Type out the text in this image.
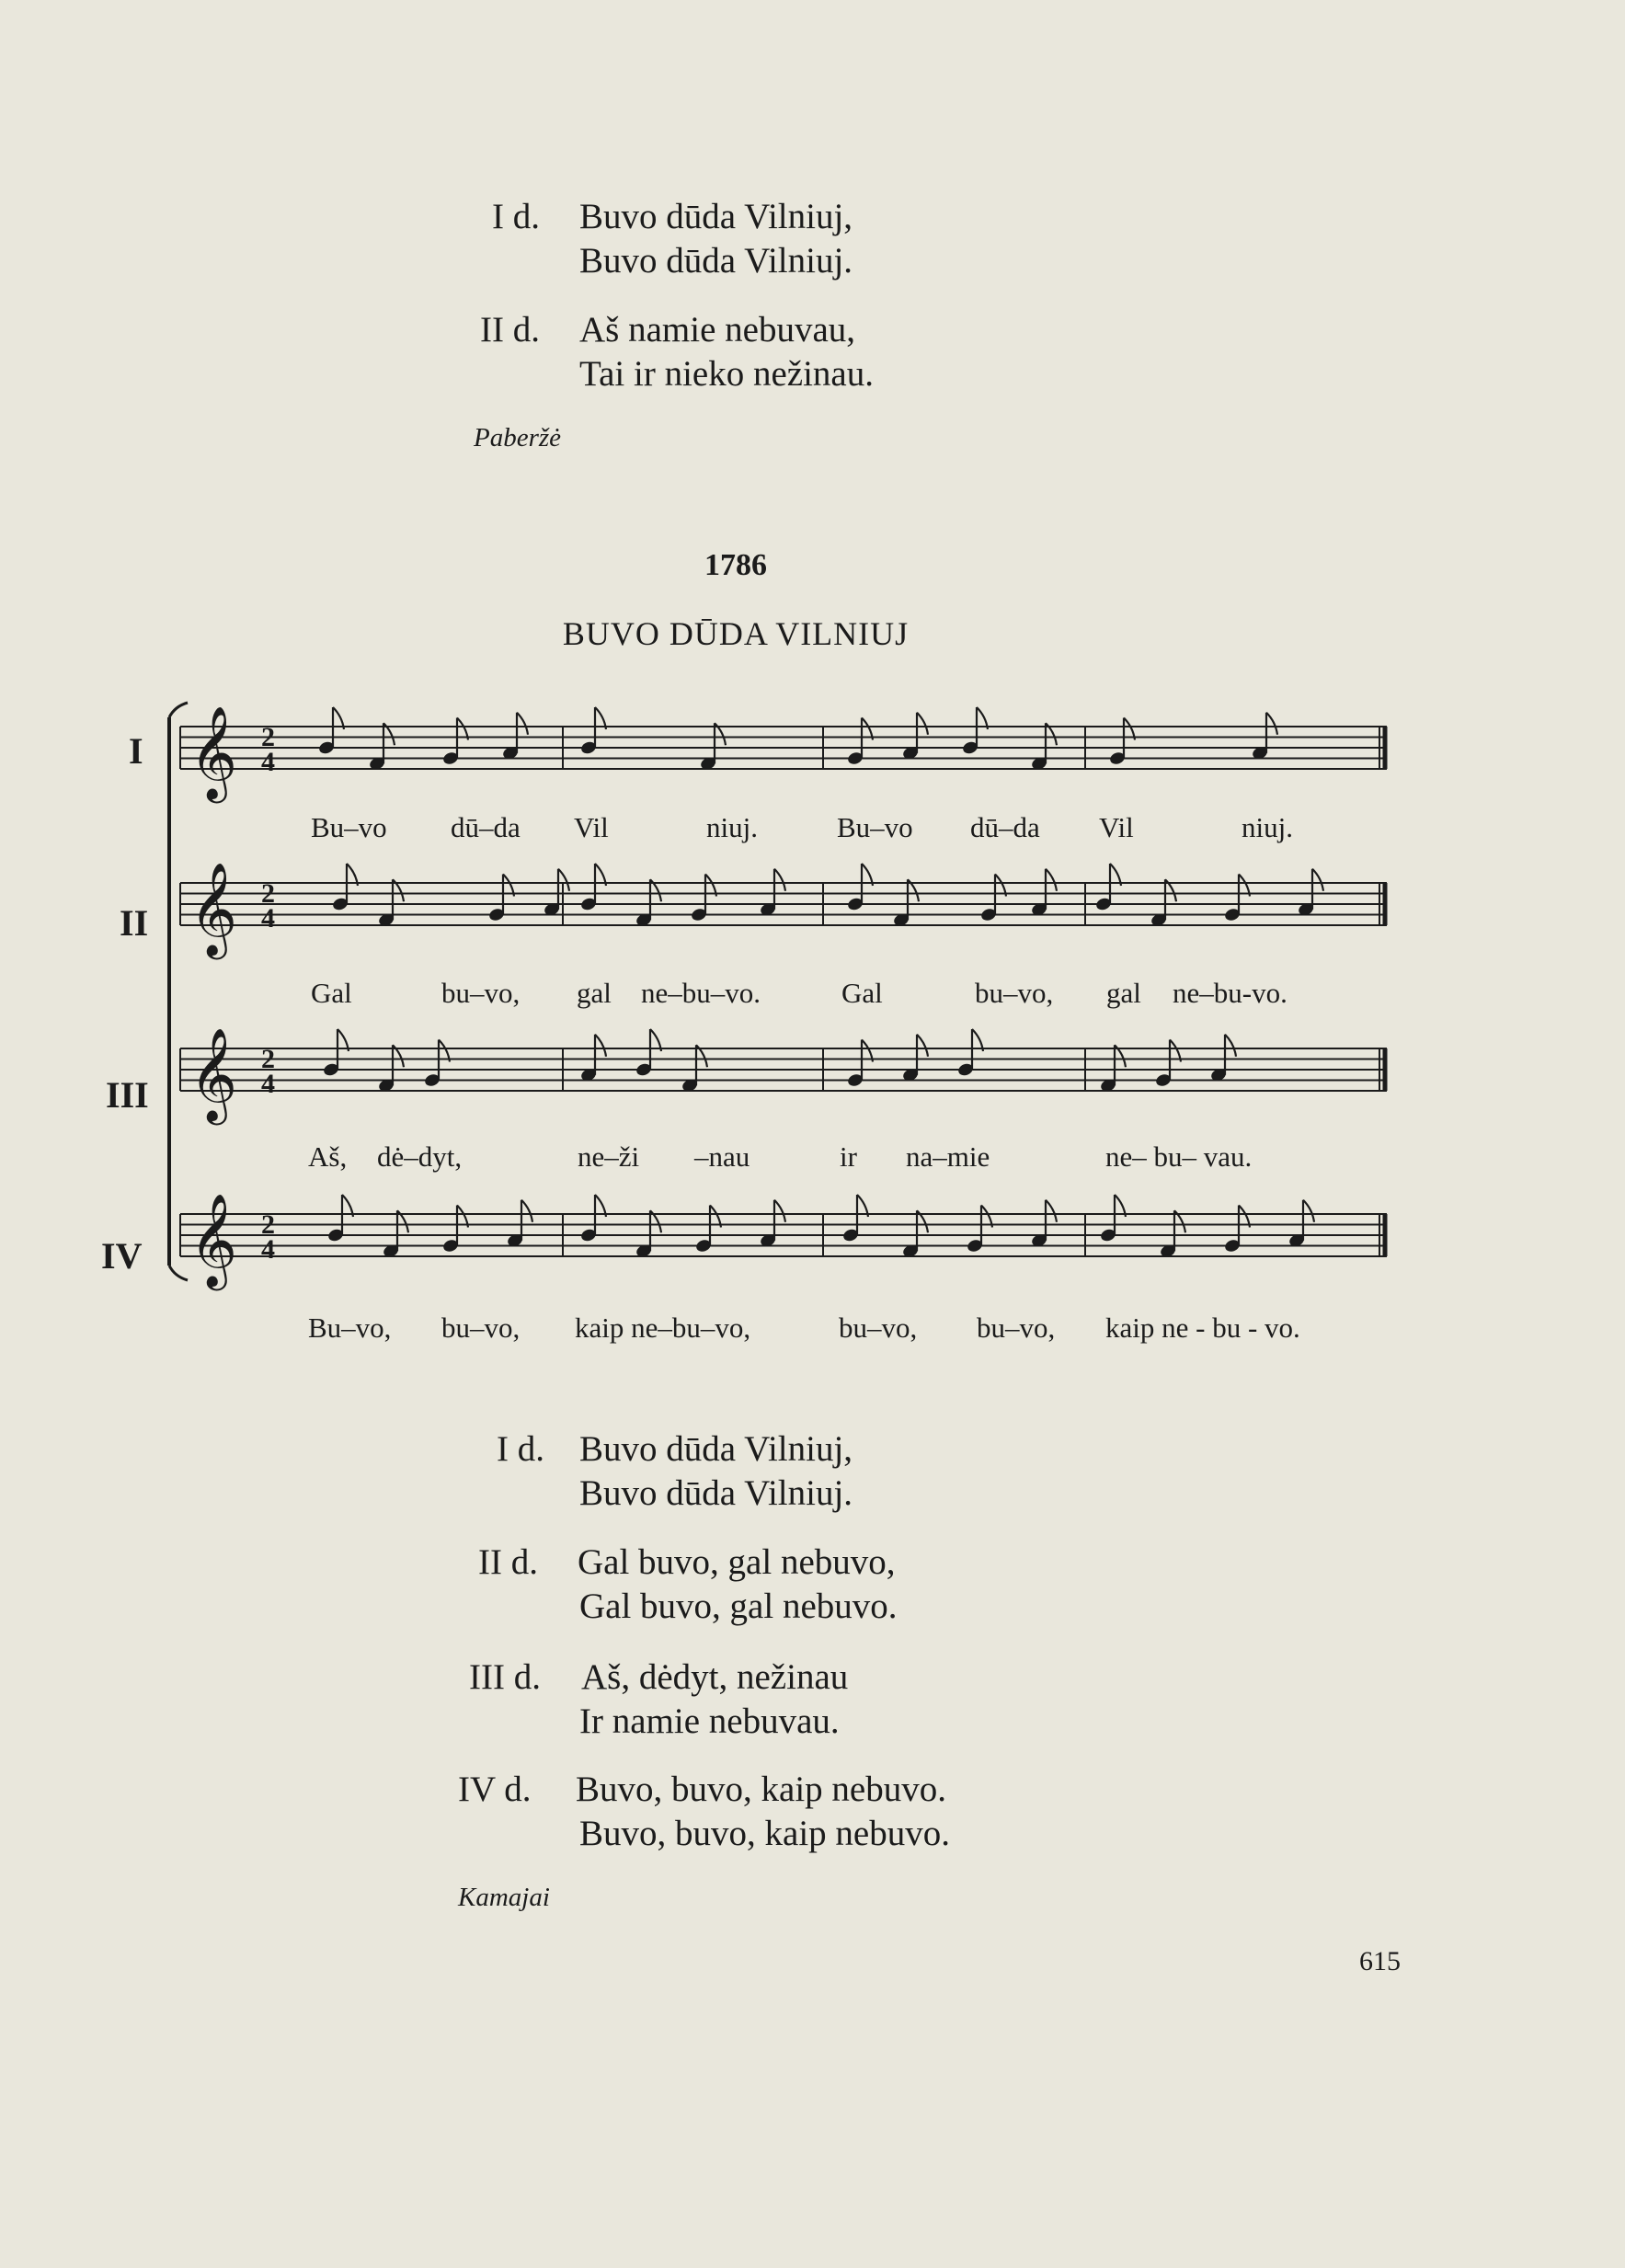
I d. Buvo dūda Vilniuj,
Buvo dūda Vilniuj.
II d. Aš namie nebuvau,
Tai ir nieko nežinau.
Paberžė
1786
BUVO DŪDA VILNIUJ
𝄞 2
4
𝄞 2
4
𝄞 2
4
𝄞 2
4
I
II
III
IV
Bu–vo dū–da Vil	niuj.	Bu–vo dū–da Vil	niuj.
Gal	bu–vo, gal ne–bu–vo.	Gal	bu–vo, gal ne–bu-vo.
Aš, dė–dyt,	ne–ži –nau	ir na–mie	ne– bu– vau.
Bu–vo, bu–vo, kaip ne–bu–vo,	bu–vo, bu–vo, kaip ne - bu - vo.
I d. Buvo dūda Vilniuj,
Buvo dūda Vilniuj.
II d. Gal buvo, gal nebuvo,
Gal buvo, gal nebuvo.
III d. Aš, dėdyt, nežinau
Ir namie nebuvau.
IV d. Buvo, buvo, kaip nebuvo.
Buvo, buvo, kaip nebuvo.
Kamajai
615
